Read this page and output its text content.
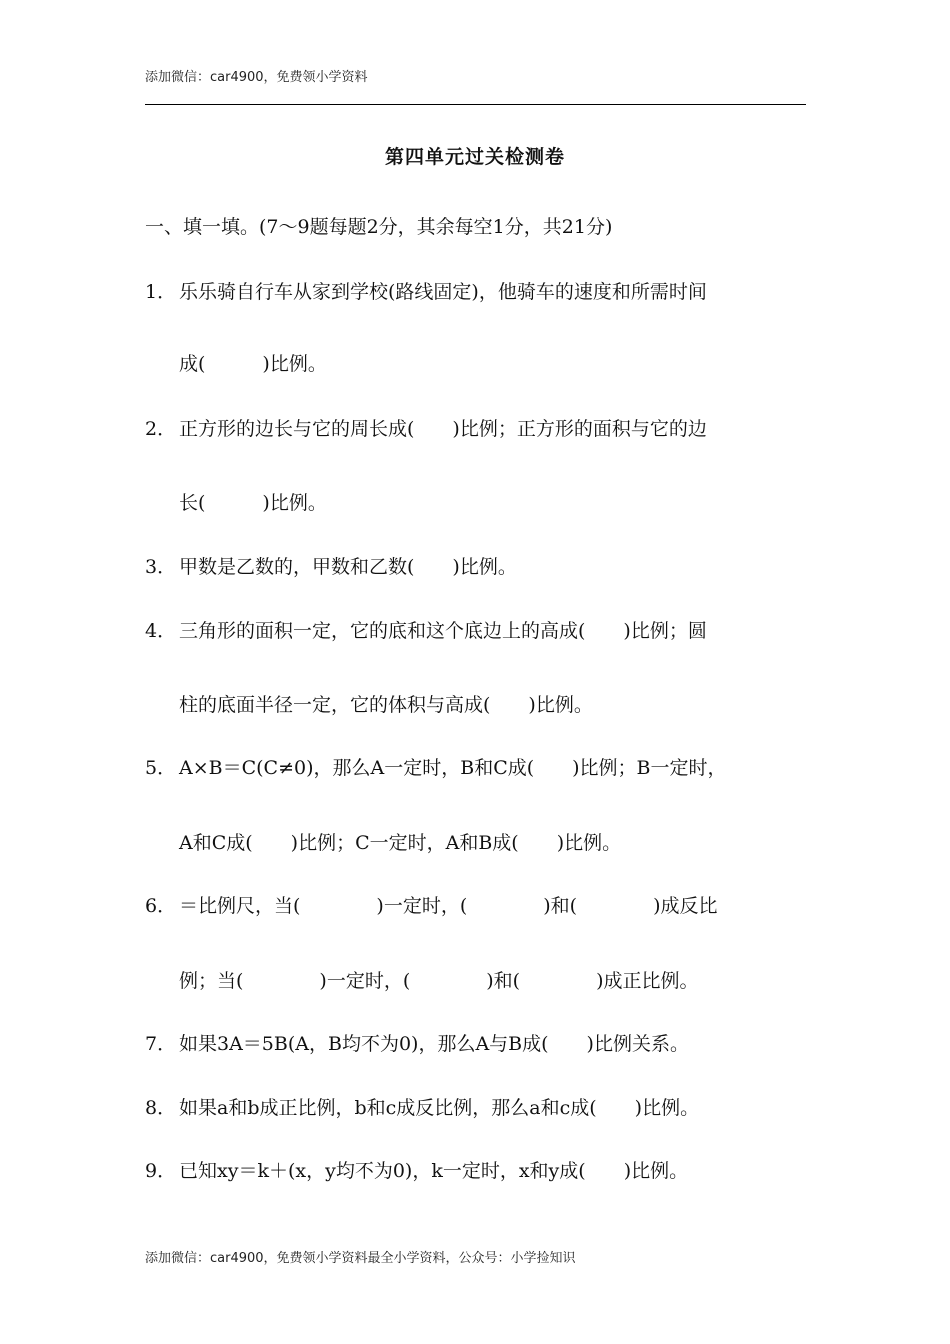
添加微信：car4900，免费领小学资料
第四单元过关检测卷
一、填一填。(7～9题每题2分，其余每空1分，共21分)
1． 乐乐骑自行车从家到学校(路线固定)，他骑车的速度和所需时间
成(　　　)比例。
2． 正方形的边长与它的周长成(　　)比例；正方形的面积与它的边
长(　　　)比例。
3． 甲数是乙数的，甲数和乙数(　　)比例。
4． 三角形的面积一定，它的底和这个底边上的高成(　　)比例；圆
柱的底面半径一定，它的体积与高成(　　)比例。
5． A×B＝C(C≠0)，那么A一定时，B和C成(　　)比例；B一定时，
A和C成(　　)比例；C一定时，A和B成(　　)比例。
6． ＝比例尺，当(　　　　)一定时，(　　　　)和(　　　　)成反比
例；当(　　　　)一定时，(　　　　)和(　　　　)成正比例。
7． 如果3A＝5B(A，B均不为0)，那么A与B成(　　)比例关系。
8． 如果a和b成正比例，b和c成反比例，那么a和c成(　　)比例。
9． 已知xy＝k＋(x，y均不为0)，k一定时，x和y成(　　)比例。
添加微信：car4900，免费领小学资料最全小学资料，公众号：小学捡知识
